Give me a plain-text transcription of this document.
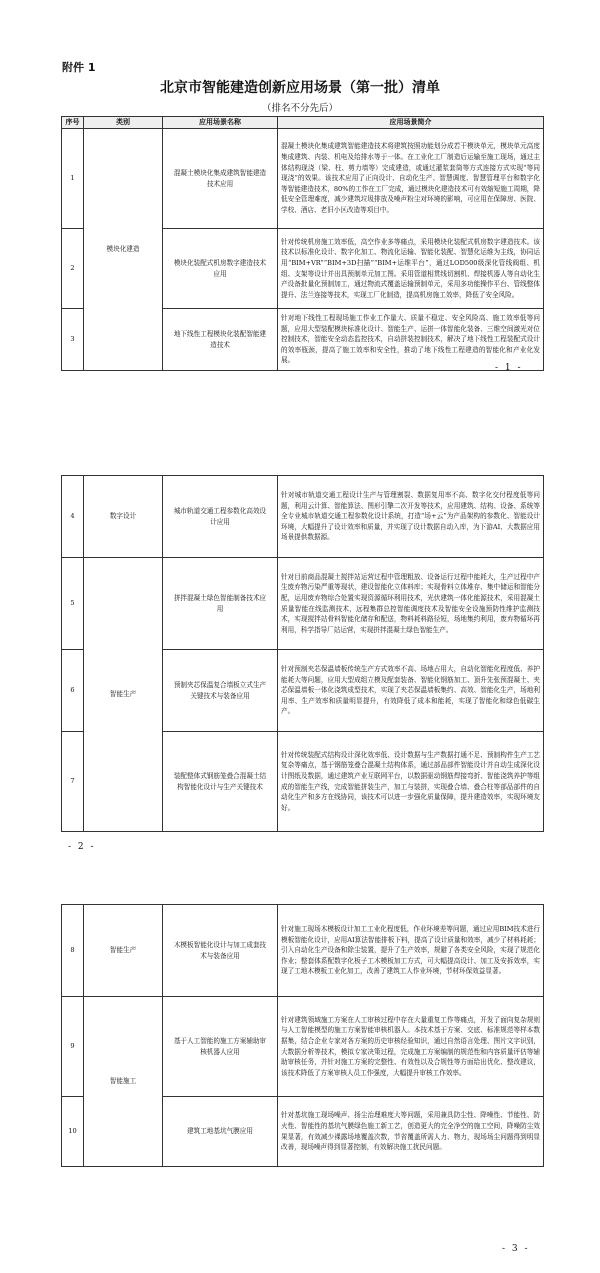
附件 1
北京市智能建造创新应用场景（第一批）清单
（排名不分先后）
序号	类别	应用场景名称	应用场景简介
1	模块化建造	混凝土模块化集成建筑智能建造技术应用	混凝土模块化集成建筑智能建造技术将建筑按照功能划分成若干模块单元，模块单元高度集成建筑、内装、机电及给排水等于一体。在工业化工厂制造后运输至施工现场，通过主体结构现浇（梁、柱、剪力墙等）完成建造，或通过灌浆套筒等方式连接方式实现“等同现浇”的效果。该技术应用了正向设计、自动化生产、智慧调度、智慧管理平台和数字化等智能建造技术，80%的工作在工厂完成，通过模块化建造技术可有效缩短施工周期，降低安全管理难度，减少建筑垃圾排放及噪声粉尘对环境的影响，可应用在保障房、医院、学校、酒店、老旧小区改造等项目中。
2		模块化装配式机房数字建造技术应用	针对传统机房施工效率低，高空作业多等痛点，采用模块化装配式机房数字建造技术。该技术以标准化设计、数字化加工、物流化运输、智能化装配、智慧化运维为主线，协同运用“BIM+VR”“BIM+3D扫描”“BIM+运维平台”，通过LOD500级深化管线阀组、机组、支架等设计并出具预制单元加工图。采用管道相贯线切割机、焊接机器人等自动化生产设备批量化预制加工，通过物流式覆盖运输预制单元，采用多功能操作平台、管线整体提升、法兰连接等技术，实现工厂化制造，提高机房施工效率，降低了安全风险。
3		地下线性工程模块化装配智能建造技术	针对地下线性工程现场施工作业工作量大、质量不稳定、安全风险高、施工效率低等问题，应用大型装配模块标准化设计、智能生产、运拼一体智能化装备、三维空间激光对位控制技术，智能安全动态监控技术，自动拼装控制技术，解决了地下线性工程装配式设计的效率瓶颈，提高了施工效率和安全性，推动了地下线性工程建造的智能化和产业化发展。
- 1 -
4	数字设计	城市轨道交通工程参数化高效设计应用	针对城市轨道交通工程设计生产与管理割裂、数据复用率不高、数字化交付程度低等问题，利用云计算、智能算法、图形引擎二次开发等技术，应用建筑、结构、设备、系统等全专业城市轨道交通工程参数化设计系统，打造“场+云”为产品架构的参数化、智能设计环境，大幅提升了设计效率和质量，并实现了设计数据自动入库，为下游AI、大数据应用场景提供数据源。
5	智能生产	拼拌混凝土绿色智能制备技术应用	针对目前商品混凝土搅拌站运营过程中管理粗放、设备运行过程中能耗大，生产过程中产生废弃物污染严重等现状，建设智能化立体料库；实现骨料立体堆存、集中储运和智能分配，运用废弃物综合处置实现资源循环利用技术，光伏建筑一体化能源技术，采用混凝土质量智能在线监测技术，远程集群总控智能调度技术及智能安全设施预防性维护监测技术，实现搅拌站骨料智能化储存和配送，物料耗料路径短，场地集约利用，废弃物循环再利用，科学指导厂站运营，实现拼拌混凝土绿色智能生产。
6		预制夹芯保温复合墙板立式生产关键技术与装备应用	针对预制夹芯保温墙板传统生产方式效率不高、场地占用大，自动化智能化程度低、养护能耗大等问题，应用大型成组立模及配套装备、智能化钢筋加工、顶升先张预混凝土、夹芯保温墙板一体化浇筑成型技术，实现了夹芯保温墙板集约、高效、智能化生产，场地利用率、生产效率和质量明显提升，有效降低了成本和能耗，实现了智能化和绿色低碳生产。
7		装配整体式钢筋笼叠合混凝土结构智能化设计与生产关键技术	针对传统装配式结构设计深化效率低、设计数据与生产数据打通不足、预制构件生产工艺复杂等痛点，基于钢筋笼叠合混凝土结构体系，通过部品部件智能设计并自动生成深化设计图纸及数据，通过建筑产业互联网平台，以数据驱动钢筋焊接弯折、智能浇筑养护等组成的智能生产线，完成智能拼装生产，加工与装拼，实现叠合墙、叠合柱等部品部件的自动化生产和多方在线协同，该技术可以进一步强化质量保障，提升建造效率，实现环境友好。
- 2 -
8	智能生产	木模板智能化设计与加工成套技术与装备应用	针对施工现场木模板设计加工工业化程度低，作业环境差等问题，通过应用BIM技术进行模板智能化设计，应用AI算法智能排板下料，提高了设计质量和效率，减少了材料耗耗；引入自动化生产设备和除尘装置，提升了生产效率，规避了各类安全风险，实现了规范化作业；整套体系配数字化板子工木模板加工方式，可大幅提高设计、加工及安拆效率，实现了工地木模板工业化加工，改善了建筑工人作业环境，节材环保效益显著。
9	智能施工	基于人工智能的施工方案辅助审核机器人应用	针对建筑领域施工方案在人工审核过程中存在大量重复工作等痛点，开发了面向复杂规则与人工智能模型的施工方案智能审核机器人。本技术基于方案、交底、标准规范等样本数据集，结合企业专家对各方案的历史审核经验知识，通过自然语言处理、图片文字识别，大数据分析等技术，模拟专家决策过程，完成施工方案编制的规范性和内容质量评估等辅助审核任务，并针对施工方案的完整性、有效性以及合规性等方面给出优化、整改建议，该技术降低了方案审核人员工作强度，大幅提升审核工作效率。
10		建筑工地基坑气膜应用	针对基坑施工现场噪声、扬尘治理难度大等问题，采用兼具防尘性、降噪性、节能性、防火性、智能性的基坑气膜绿色施工新工艺，创造更大的完全净空的施工空间，降噪防尘效果显著，有效减少裸露场地覆盖次数，节省覆盖所需人力、物力，现场场尘问题得到明显改善，现场噪声得到显著控制，有效解决施工扰民问题。
- 3 -
